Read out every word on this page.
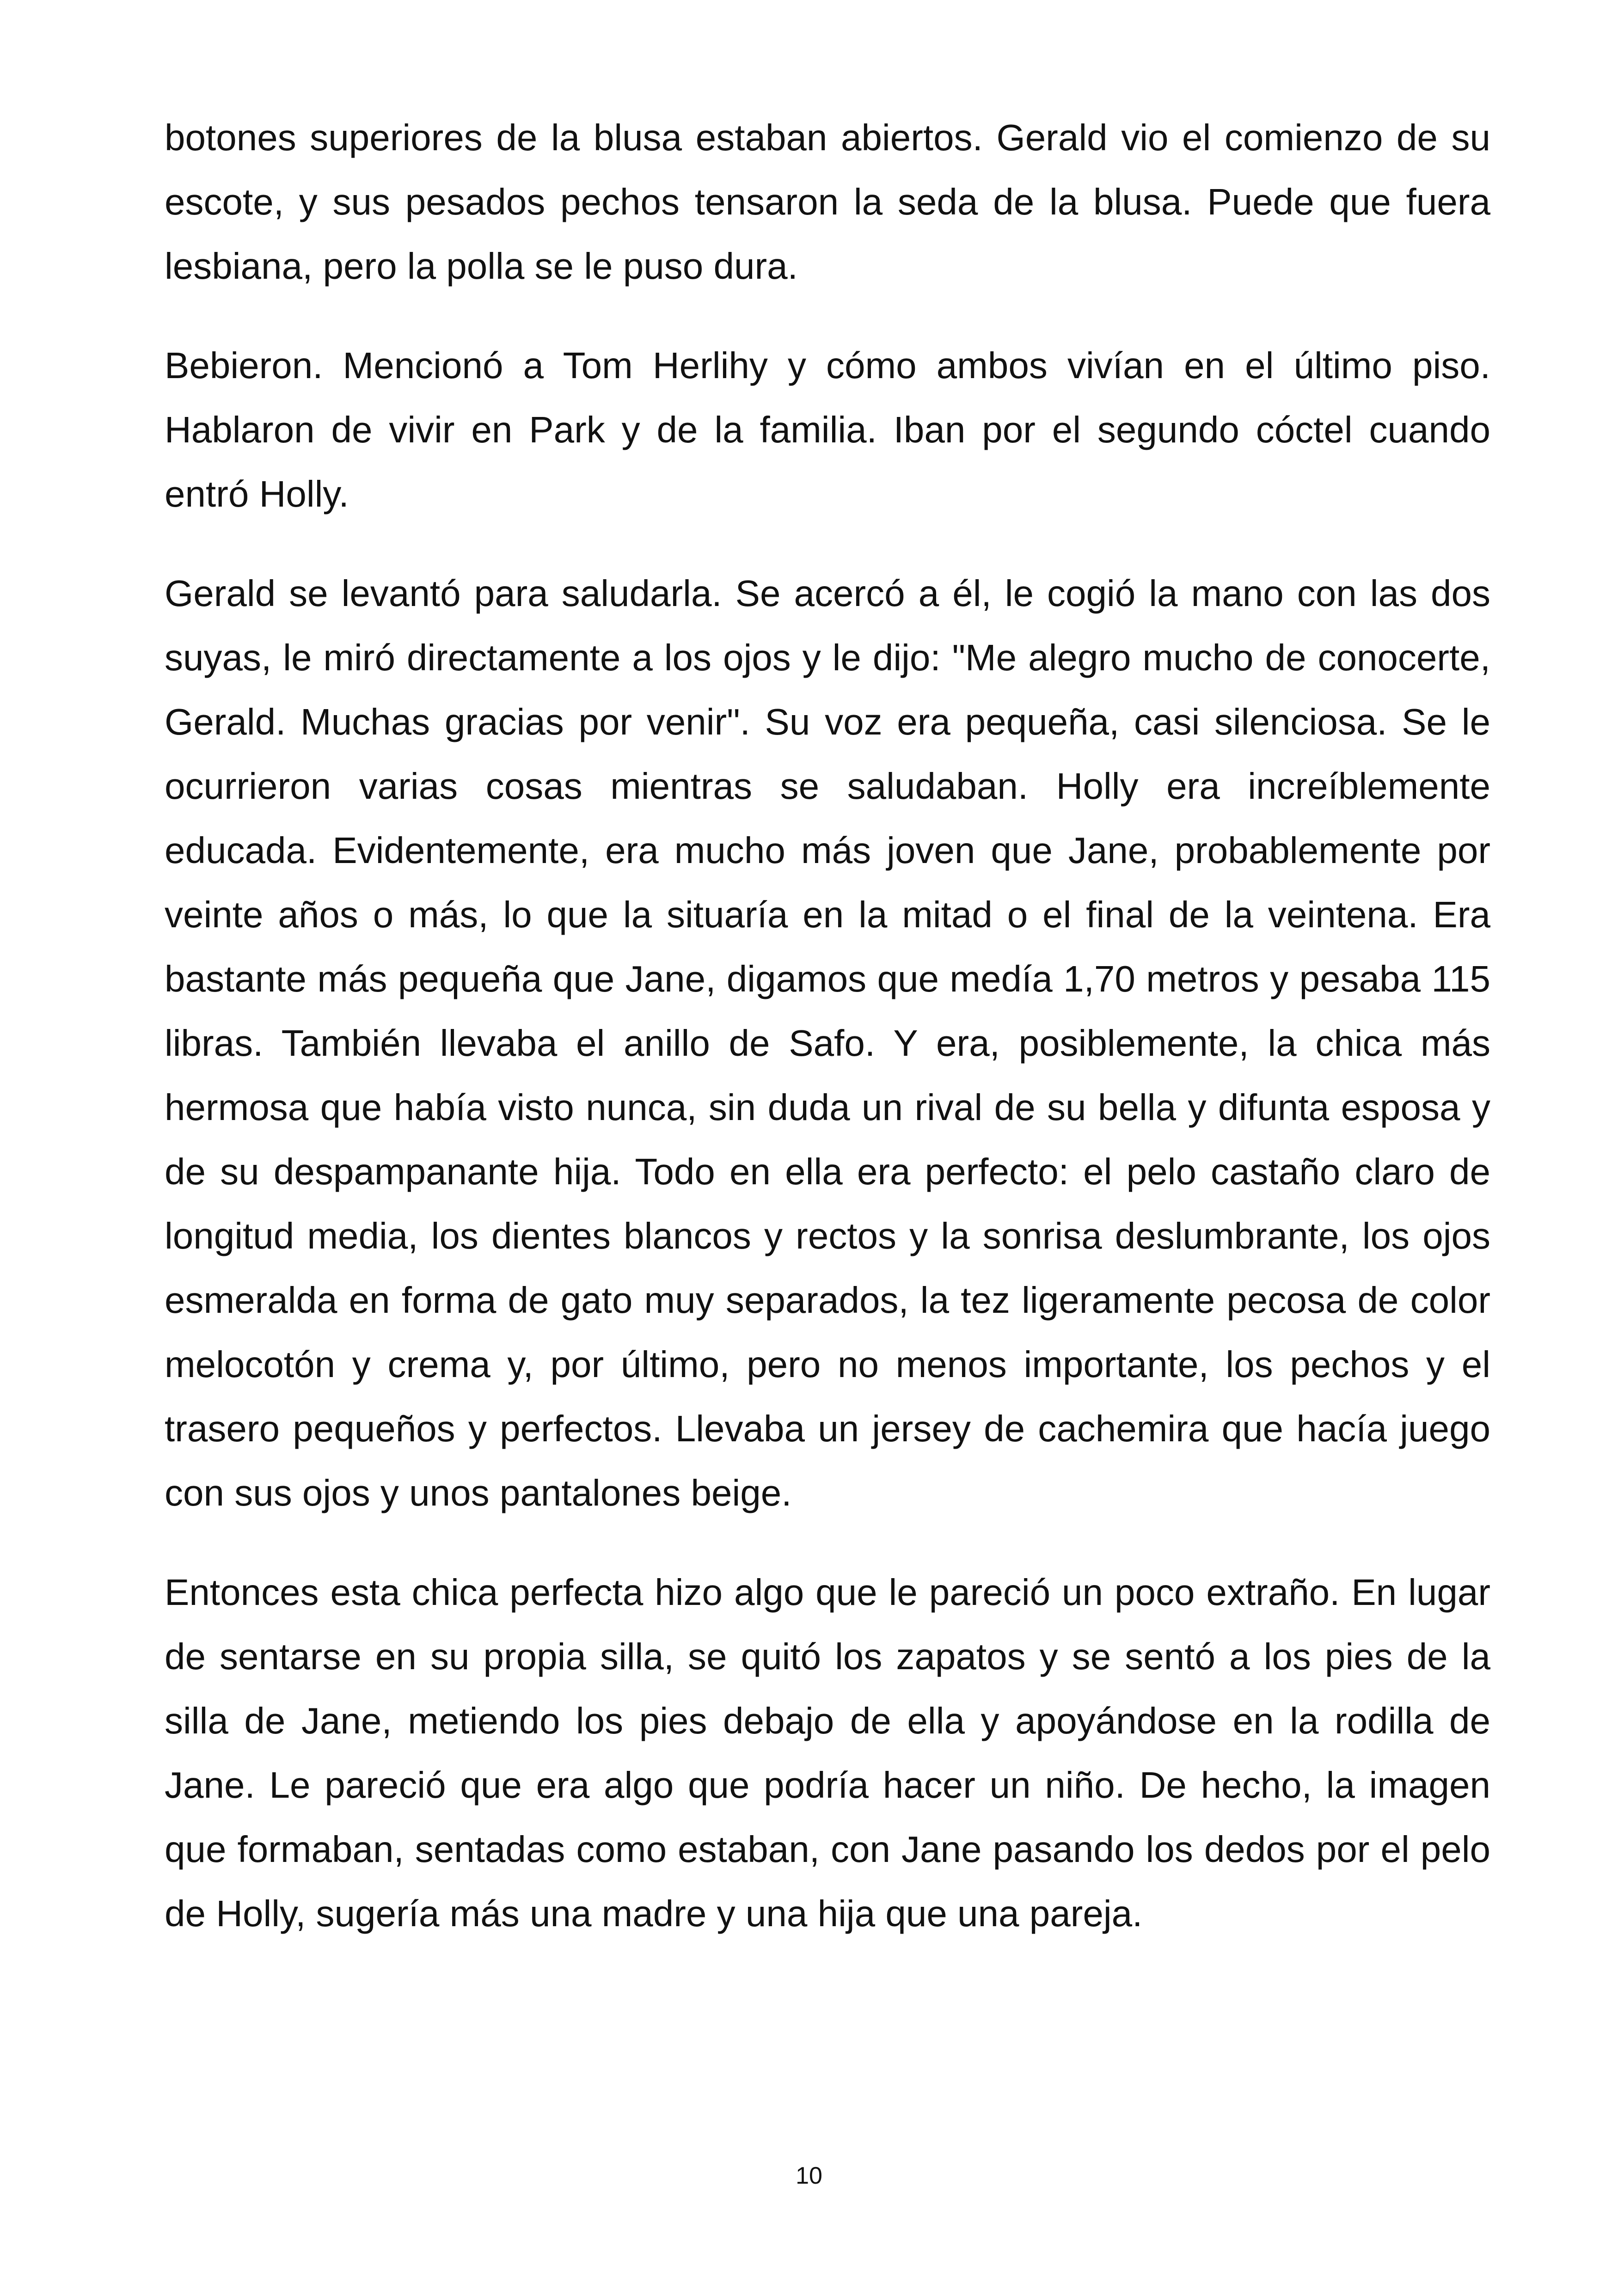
botones superiores de la blusa estaban abiertos. Gerald vio el comienzo de su escote, y sus pesados pechos tensaron la seda de la blusa. Puede que fuera lesbiana, pero la polla se le puso dura.

Bebieron. Mencionó a Tom Herlihy y cómo ambos vivían en el último piso. Hablaron de vivir en Park y de la familia. Iban por el segundo cóctel cuando entró Holly.

Gerald se levantó para saludarla. Se acercó a él, le cogió la mano con las dos suyas, le miró directamente a los ojos y le dijo: "Me alegro mucho de conocerte, Gerald. Muchas gracias por venir". Su voz era pequeña, casi silenciosa. Se le ocurrieron varias cosas mientras se saludaban. Holly era increíblemente educada. Evidentemente, era mucho más joven que Jane, probablemente por veinte años o más, lo que la situaría en la mitad o el final de la veintena. Era bastante más pequeña que Jane, digamos que medía 1,70 metros y pesaba 115 libras. También llevaba el anillo de Safo. Y era, posiblemente, la chica más hermosa que había visto nunca, sin duda un rival de su bella y difunta esposa y de su despampanante hija. Todo en ella era perfecto: el pelo castaño claro de longitud media, los dientes blancos y rectos y la sonrisa deslumbrante, los ojos esmeralda en forma de gato muy separados, la tez ligeramente pecosa de color melocotón y crema y, por último, pero no menos importante, los pechos y el trasero pequeños y perfectos. Llevaba un jersey de cachemira que hacía juego con sus ojos y unos pantalones beige.

Entonces esta chica perfecta hizo algo que le pareció un poco extraño. En lugar de sentarse en su propia silla, se quitó los zapatos y se sentó a los pies de la silla de Jane, metiendo los pies debajo de ella y apoyándose en la rodilla de Jane. Le pareció que era algo que podría hacer un niño. De hecho, la imagen que formaban, sentadas como estaban, con Jane pasando los dedos por el pelo de Holly, sugería más una madre y una hija que una pareja.

10
